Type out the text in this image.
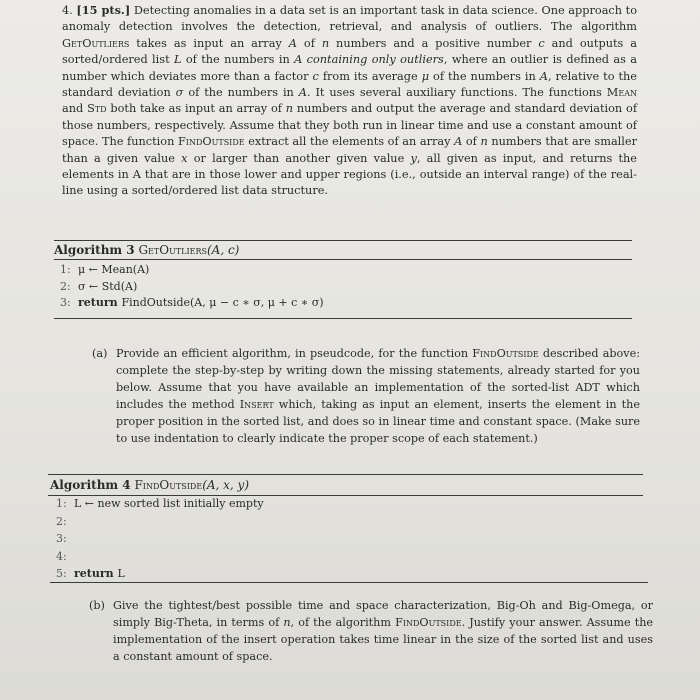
4. [15 pts.] Detecting anomalies in a data set is an important task in data science. One approach to anomaly detection involves the detection, retrieval, and analysis of outliers. The algorithm GetOutliers takes as input an array A of n numbers and a positive number c and outputs a sorted/ordered list L of the numbers in A containing only outliers, where an outlier is defined as a number which deviates more than a factor c from its average μ of the numbers in A, relative to the standard deviation σ of the numbers in A. It uses several auxiliary functions. The functions Mean and Std both take as input an array of n numbers and output the average and standard deviation of those numbers, respectively. Assume that they both run in linear time and use a constant amount of space. The function FindOutside extract all the elements of an array A of n numbers that are smaller than a given value x or larger than another given value y, all given as input, and returns the elements in A that are in those lower and upper regions (i.e., outside an interval range) of the real-line using a sorted/ordered list data structure.

Algorithm 3 GetOutliers(A, c)
1: μ ← Mean(A)
2: σ ← Std(A)
3: return FindOutside(A, μ − c ∗ σ, μ + c ∗ σ)

(a) Provide an efficient algorithm, in pseudcode, for the function FindOutside described above: complete the step-by-step by writing down the missing statements, already started for you below. Assume that you have available an implementation of the sorted-list ADT which includes the method Insert which, taking as input an element, inserts the element in the proper position in the sorted list, and does so in linear time and constant space. (Make sure to use indentation to clearly indicate the proper scope of each statement.)

Algorithm 4 FindOutside(A, x, y)
1: L ← new sorted list initially empty
2:
3:
4:
5: return L

(b) Give the tightest/best possible time and space characterization, Big-Oh and Big-Omega, or simply Big-Theta, in terms of n, of the algorithm FindOutside. Justify your answer. Assume the implementation of the insert operation takes time linear in the size of the sorted list and uses a constant amount of space.
